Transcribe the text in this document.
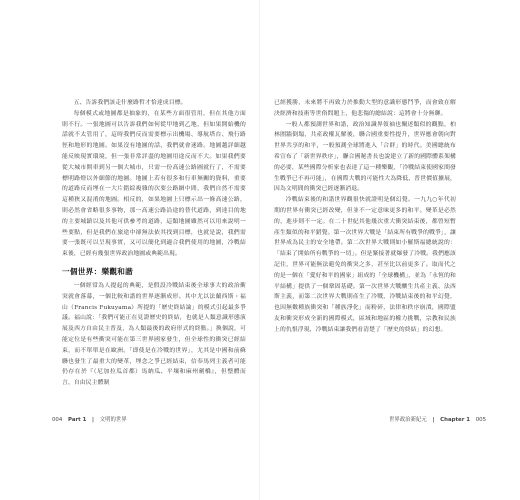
五、告訴我們該走什麼路哲才恰達成目標。

每個模式或地圖都是抽象的，在某些方面很管用，但在其他方面則不行。一張地圖可以告訴我們如何從甲地到乙地，但如果開始機的話就不太管用了，這時我們反而需要標示出機場、導航塔台、飛行路徑和地形的地圖。如果沒有地圖的話，我們就會迷路。地圖越詳細越能反映現實環境，但一張非常詳盡的地圖用途反而不大。如果我們要從大城市開車到另一個大城市，只需一份高速公路圖就行了，不需要標明路燈以外細節的地圖。地圖上若有很多和行車無關的資料，重要的道路反而埋在一大片錯綜複雜的次要公路網中間，我們自然不需要這種狹又混淆的地圖。相反的，如果地圖上只標示出一條高速公路，則必然會省略很多事物，那一高速公路沿途的替代道路，到達目的地的主要城鎮以及其他可供參考的道路，這類地圖雖然可以用來說明一些要點，但是我們在旅途中卻無法依其找到目標，也就是說，我們需要一張既可以呈現事實，又可以簡化到適合我們使用的地圖，冷戰結束後，已經有幾張世界政治地圖或典範出現。

一個世界：樂觀和諧

一個經常為人提起的典範，是假設冷戰結束後全球事大的政治衝突就會落幕，一個比較和諧的世界逐漸成形。其中尤以法蘭西斯・福山（Francis Fukuyama）所提的「歷史終結論」的模式引起最多爭議。福山說：「我們可能正在見證歷史的終結，也就是人類意識形態演展及西方自由民主普及，為人類最後的政府形式的終點。」換個說，可能定位是有些衝突可能在第三世界國家發生，但全球性的衝突已經結束，而不單單是在歐洲。「即使是在冷戰的世界」，尤其是中國和前蘇聯也發生了最重大的變革，埋念之爭已經結束，信奉馬列主義者可能仍存在於『（尼加拉瓜首都）馬納瓜、平壤和麻州劍橋』，但整體而言，自由民主體制

004 Part 1 | 文明的世界

已經獲勝，未來將不再致力於推動大型的意識形態鬥爭，而會致在解決經濟和技術等世俗問題上，他悲傷的總結說：這將會十分無聊。

一般人都預測世界和諧，政治知識界領袖也闡述類似的觀點，柏林圍牆倒塌，共產政權瓦解後，聯合國重要性提升，世界應會朝向對世界共享的和平，一般預測全球將進入「合群」的時代。美國總統布希宣布了「新世界秩序」，聯合國秘書長也說建立了新的國際體系架構的必要，某些國際分析家也表達了這一種樂觀，「冷戰結束使國家間發生戰爭已不再可能」，在國際大戰的可能性大為降低、普世價值擴展，因為文明間的衝突已經逐漸消退。

冷戰結束後的和諧世界觀很快就證明是個幻覺。一九九○年代初期的世界有衝突已經改變，但並不一定意味更多的和平。變革是必然的，進步則不一定。在二十世紀其他幾次重大衝突結束後，都曾短暫產生類似的和平錯覺。第一次世界大戰是「結束所有戰爭的戰爭」，讓世界成為民主的安全地帶。第二次世界大戰則如小羅斯福總統說的：「結束了開始所有戰爭的一切」。但是緊接著就爆發了冷戰。我們應該記住，世界可能無法避免的衝突之多，甚至比以前更多了。取而代之的是一個在「愛好和平的國家」組成的「全球機構」，並為「永恆的和平結構」提供了一個鞏固基礎。第一次世界大戰釀生共產主義、法西斯主義，而第二次世界大戰則產生了冷戰，冷戰結束後的和平幻覺，也因無數種族衝突和「種族淨化」而粉碎，法律和秩序崩潰，國際盟友和衝突形成全新的國際模式，區域和地區的權力挑戰，宗教和民族上的仇恨浮現，冷戰結束讓我們看清楚了「歷史的終結」的幻想。

世界政治新紀元 | Chapter 1 005
